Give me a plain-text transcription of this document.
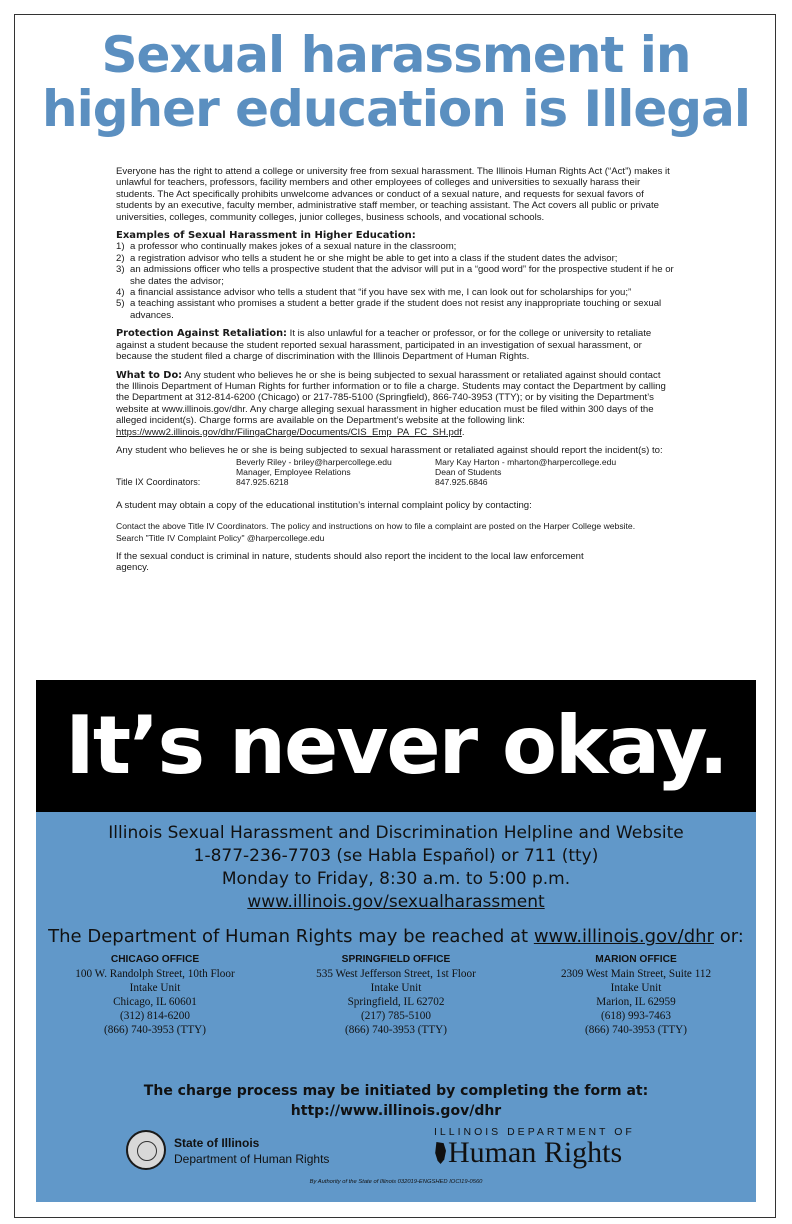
Sexual harassment in
higher education is Illegal

Everyone has the right to attend a college or university free from sexual harassment. The Illinois Human Rights Act (“Act”) makes it unlawful for teachers, professors, facility members and other employees of colleges and universities to sexually harass their students. The Act specifically prohibits unwelcome advances or conduct of a sexual nature, and requests for sexual favors of students by an executive, faculty member, administrative staff member, or teaching assistant. The Act covers all public or private universities, colleges, community colleges, junior colleges, business schools, and vocational schools.

Examples of Sexual Harassment in Higher Education:
1) a professor who continually makes jokes of a sexual nature in the classroom;
2) a registration advisor who tells a student he or she might be able to get into a class if the student dates the advisor;
3) an admissions officer who tells a prospective student that the advisor will put in a “good word” for the prospective student if he or she dates the advisor;
4) a financial assistance advisor who tells a student that “if you have sex with me, I can look out for scholarships for you;”
5) a teaching assistant who promises a student a better grade if the student does not resist any inappropriate touching or sexual advances.

Protection Against Retaliation: It is also unlawful for a teacher or professor, or for the college or university to retaliate
against a student because the student reported sexual harassment, participated in an investigation of sexual harassment, or because the student filed a charge of discrimination with the Illinois Department of Human Rights.

What to Do: Any student who believes he or she is being subjected to sexual harassment or retaliated against should contact the Illinois Department of Human Rights for further information or to file a charge. Students may contact the Department by calling the Department at 312-814-6200 (Chicago) or 217-785-5100 (Springfield), 866-740-3953 (TTY); or by visiting the Department’s website at www.illinois.gov/dhr. Any charge alleging sexual harassment in higher education must be filed within 300 days of the alleged incident(s). Charge forms are available on the Department’s website at the following link:
https://www2.illinois.gov/dhr/FilingaCharge/Documents/CIS_Emp_PA_FC_SH.pdf.

Any student who believes he or she is being subjected to sexual harassment or retaliated against should report the incident(s) to:

Title IX Coordinators:
Beverly Riley - briley@harpercollege.edu
Manager, Employee Relations
847.925.6218
Mary Kay Harton - mharton@harpercollege.edu
Dean of Students
847.925.6846

A student may obtain a copy of the educational institution’s internal complaint policy by contacting:

Contact the above Title IV Coordinators. The policy and instructions on how to file a complaint are posted on the Harper College website.

Search "Title IV Complaint Policy" @harpercollege.edu

If the sexual conduct is criminal in nature, students should also report the incident to the local law enforcement agency.

It’s never okay.
Illinois Sexual Harassment and Discrimination Helpline and Website
1-877-236-7703 (se Habla Español) or 711 (tty)
Monday to Friday, 8:30 a.m. to 5:00 p.m.
www.illinois.gov/sexualharassment
The Department of Human Rights may be reached at www.illinois.gov/dhr or:
CHICAGO OFFICE
100 W. Randolph Street, 10th Floor
Intake Unit
Chicago, IL 60601
(312) 814-6200
(866) 740-3953 (TTY)
SPRINGFIELD OFFICE
535 West Jefferson Street, 1st Floor
Intake Unit
Springfield, IL 62702
(217) 785-5100
(866) 740-3953 (TTY)
MARION OFFICE
2309 West Main Street, Suite 112
Intake Unit
Marion, IL 62959
(618) 993-7463
(866) 740-3953 (TTY)
The charge process may be initiated by completing the form at:
http://www.illinois.gov/dhr
State of Illinois
Department of Human Rights
ILLINOIS DEPARTMENT OF
Human Rights
By Authority of the State of Illinois 032019-ENGSHED IOCI19-0560
